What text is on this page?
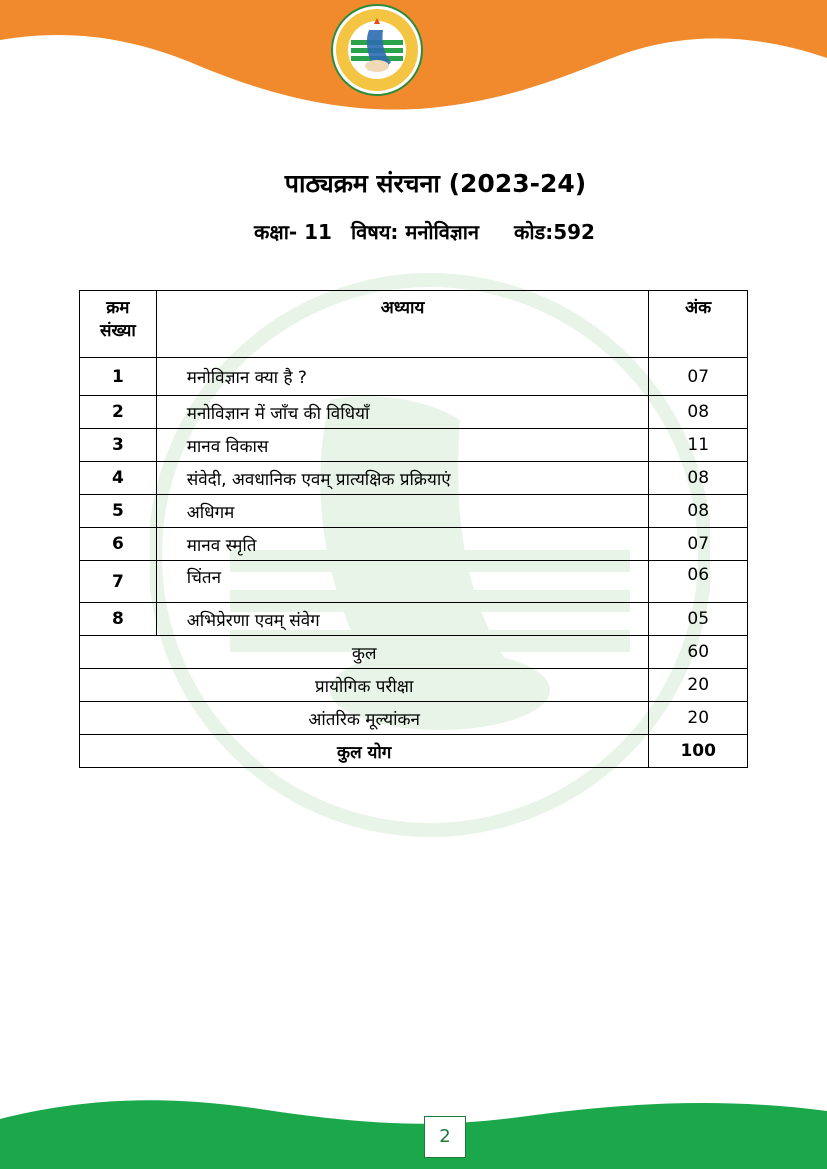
पाठ्यक्रम संरचना (2023-24)
कक्षा- 11 विषय: मनोविज्ञान कोड:592
क्रम संख्या	अध्याय	अंक
1	मनोविज्ञान क्या है ?	07
2	मनोविज्ञान में जाँच की विधियाँ	08
3	मानव विकास	11
4	संवेदी, अवधानिक एवम् प्रात्यक्षिक प्रक्रियाएं	08
5	अधिगम	08
6	मानव स्मृति	07
7	चिंतन	06
8	अभिप्रेरणा एवम् संवेग	05
कुल		60
प्रायोगिक परीक्षा		20
आंतरिक मूल्यांकन		20
कुल योग		100
2
